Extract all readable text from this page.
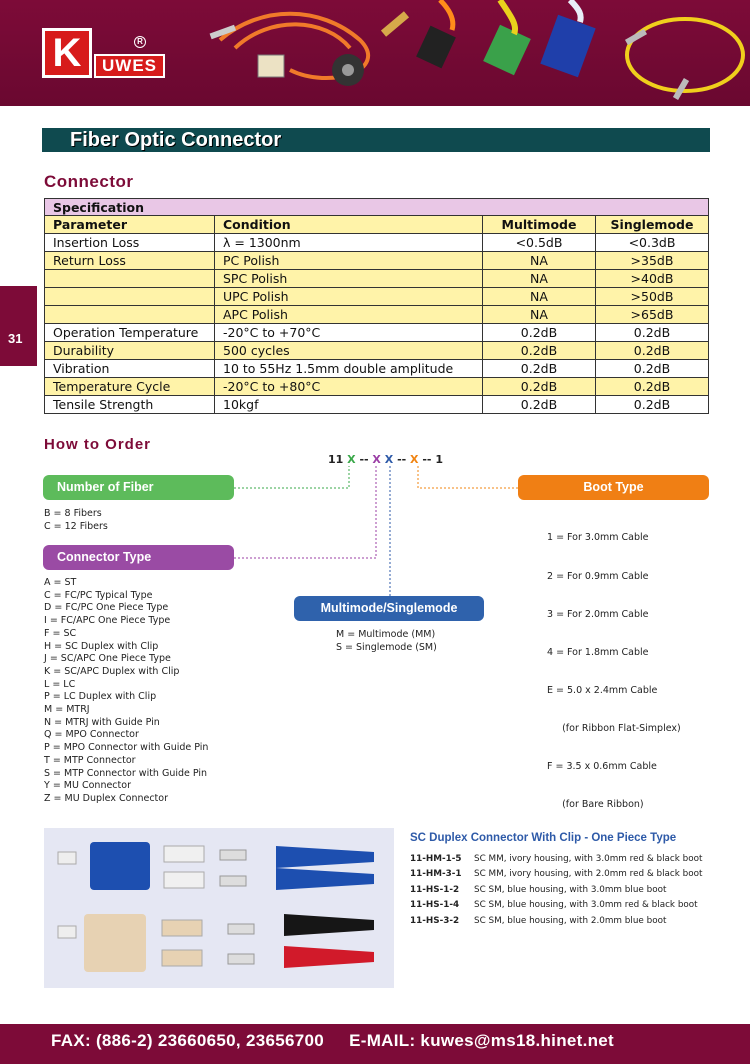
K	UWES
R
Fiber Optic Connector
31
Connector
Specification			
Parameter	Condition	Multimode	Singlemode
Insertion Loss	λ = 1300nm	<0.5dB	<0.3dB
Return Loss	PC Polish	NA	>35dB
	SPC Polish	NA	>40dB
	UPC Polish	NA	>50dB
	APC Polish	NA	>65dB
Operation Temperature	-20°C to +70°C	0.2dB	0.2dB
Durability	500 cycles	0.2dB	0.2dB
Vibration	10 to 55Hz 1.5mm double amplitude	0.2dB	0.2dB
Temperature Cycle	-20°C to +80°C	0.2dB	0.2dB
Tensile Strength	10kgf	0.2dB	0.2dB
How to Order
11 X -- X X -- X -- 1
Number of Fiber
B = 8 Fibers
C = 12 Fibers
Connector Type
A = ST
C = FC/PC Typical Type
D = FC/PC One Piece Type
I = FC/APC One Piece Type
F = SC
H = SC Duplex with Clip
J = SC/APC One Piece Type
K = SC/APC Duplex with Clip
L = LC
P = LC Duplex with Clip
M = MTRJ
N = MTRJ with Guide Pin
Q = MPO Connector
P = MPO Connector with Guide Pin
T = MTP Connector
S = MTP Connector with Guide Pin
Y = MU Connector
Z = MU Duplex Connector
Multimode/Singlemode
M = Multimode (MM)
S = Singlemode (SM)
Boot Type

1 = For 3.0mm Cable

2 = For 0.9mm Cable

3 = For 2.0mm Cable

4 = For 1.8mm Cable

E = 5.0 x 2.4mm Cable

(for Ribbon Flat-Simplex)

F = 3.5 x 0.6mm Cable

(for Bare Ribbon)

SC Duplex Connector With Clip - One Piece Type
11-HM-1-5 SC MM, ivory housing, with 3.0mm red & black boot
11-HM-3-1 SC MM, ivory housing, with 2.0mm red & black boot
11-HS-1-2 SC SM, blue housing, with 3.0mm blue boot
11-HS-1-4 SC SM, blue housing, with 3.0mm red & black boot
11-HS-3-2 SC SM, blue housing, with 2.0mm blue boot
FAX: (886-2) 23660650, 23656700     E-MAIL: kuwes@ms18.hinet.net
